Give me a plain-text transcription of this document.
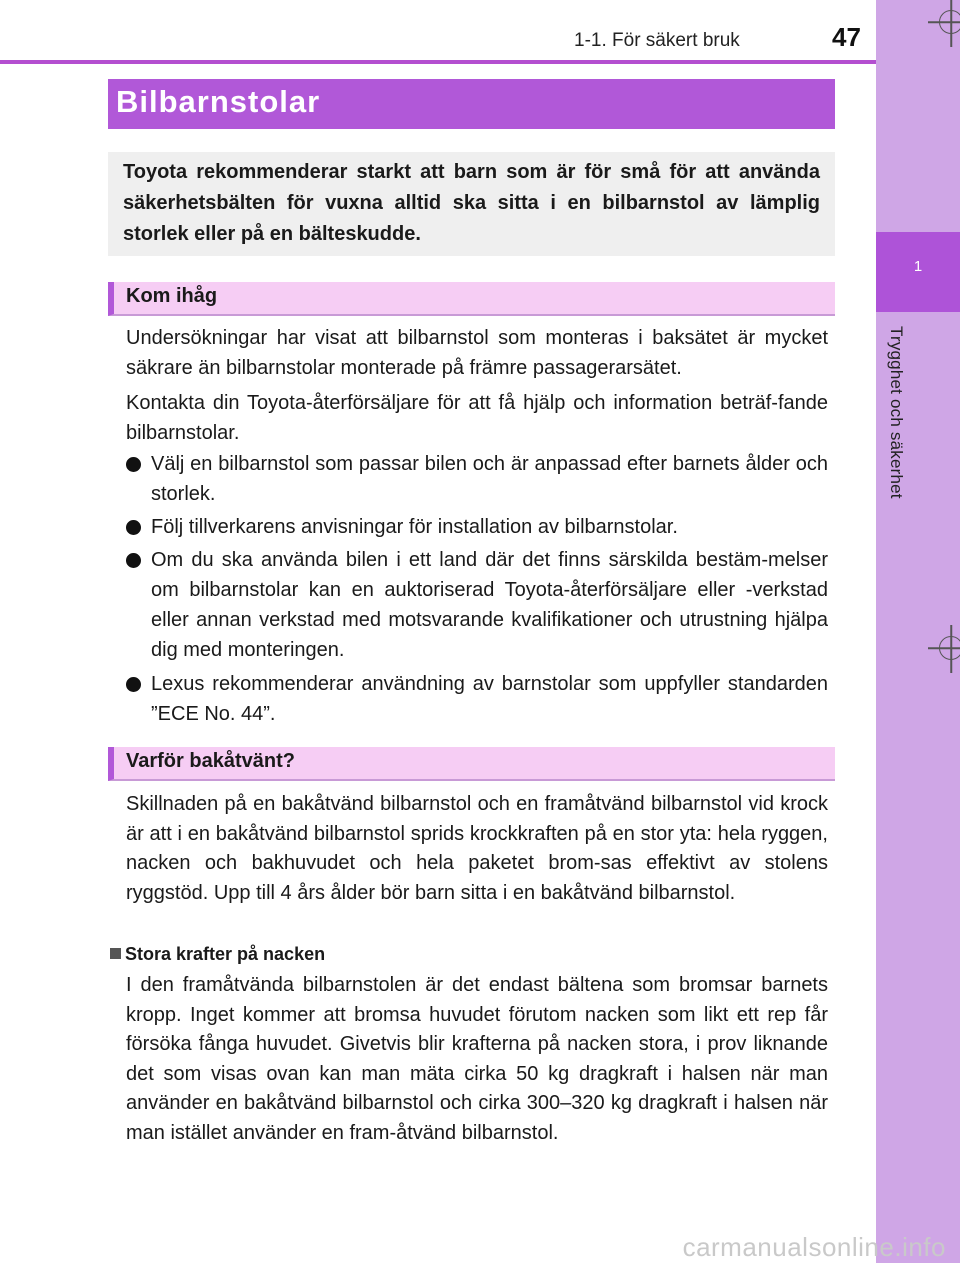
1
Trygghet och säkerhet
1-1. För säkert bruk	47
Bilbarnstolar
Toyota rekommenderar starkt att barn som är för små för att använda säkerhetsbälten för vuxna alltid ska sitta i en bilbarnstol av lämplig storlek eller på en bälteskudde.
Kom ihåg
Undersökningar har visat att bilbarnstol som monteras i baksätet är mycket säkrare än bilbarnstolar monterade på främre passagerarsätet.
Kontakta din Toyota-återförsäljare för att få hjälp och information beträf-fande bilbarnstolar.
Välj en bilbarnstol som passar bilen och är anpassad efter barnets ålder och storlek.
Följ tillverkarens anvisningar för installation av bilbarnstolar.
Om du ska använda bilen i ett land där det finns särskilda bestäm-melser om bilbarnstolar kan en auktoriserad Toyota-återförsäljare eller -verkstad eller annan verkstad med motsvarande kvalifikationer och utrustning hjälpa dig med monteringen.
Lexus rekommenderar användning av barnstolar som uppfyller standarden ”ECE No. 44”.
Varför bakåtvänt?
Skillnaden på en bakåtvänd bilbarnstol och en framåtvänd bilbarnstol vid krock är att i en bakåtvänd bilbarnstol sprids krockkraften på en stor yta: hela ryggen, nacken och bakhuvudet och hela paketet brom-sas effektivt av stolens ryggstöd. Upp till 4 års ålder bör barn sitta i en bakåtvänd bilbarnstol.
Stora krafter på nacken
I den framåtvända bilbarnstolen är det endast bältena som bromsar barnets kropp. Inget kommer att bromsa huvudet förutom nacken som likt ett rep får försöka fånga huvudet. Givetvis blir krafterna på nacken stora, i prov liknande det som visas ovan kan man mäta cirka 50 kg dragkraft i halsen när man använder en bakåtvänd bilbarnstol och cirka 300–320 kg dragkraft i halsen när man istället använder en fram-åtvänd bilbarnstol.
carmanualsonline.info
